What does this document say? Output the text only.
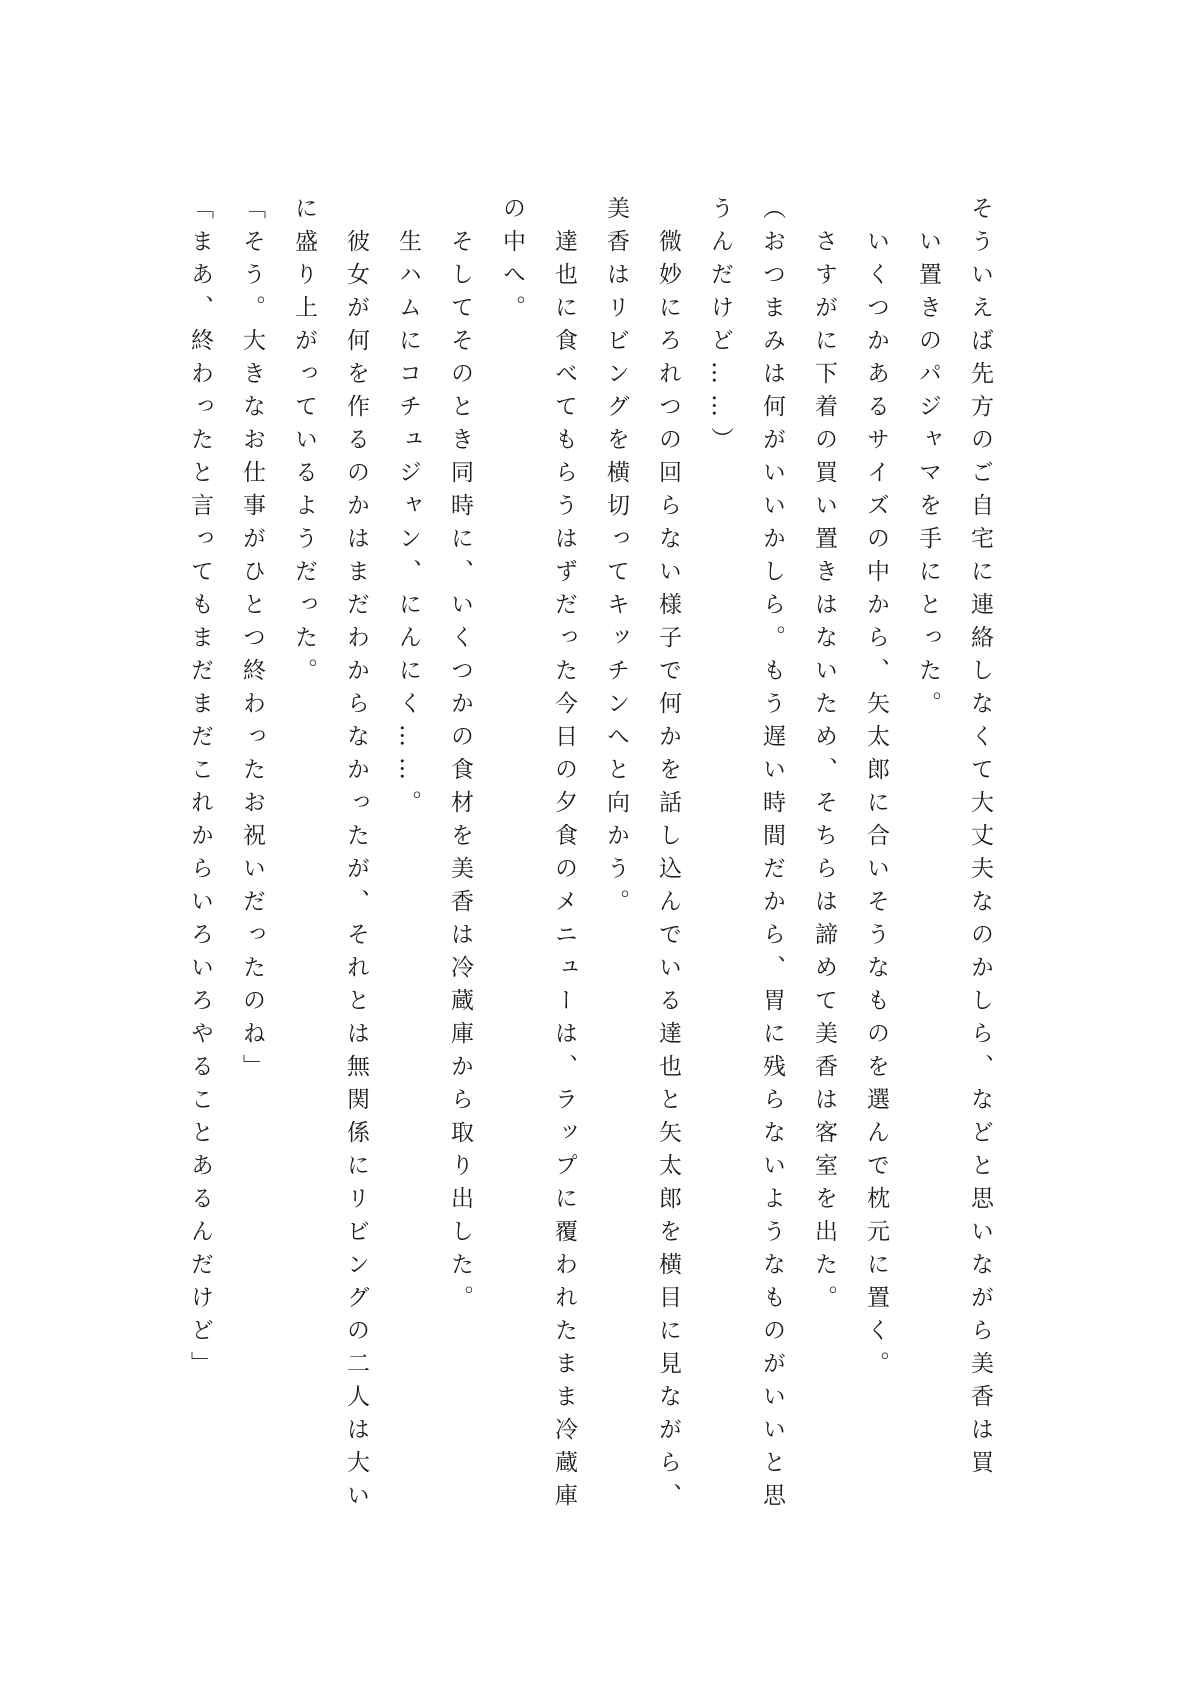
そういえば先方のご自宅に連絡しなくて大丈夫なのかしら、などと思いながら美香は買

い置きのパジャマを手にとった。

いくつかあるサイズの中から、矢太郎に合いそうなものを選んで枕元に置く。

さすがに下着の買い置きはないため、そちらは諦めて美香は客室を出た。

（おつまみは何がいいかしら。もう遅い時間だから、胃に残らないようなものがいいと思

うんだけど……）

微妙にろれつの回らない様子で何かを話し込んでいる達也と矢太郎を横目に見ながら、

美香はリビングを横切ってキッチンへと向かう。

達也に食べてもらうはずだった今日の夕食のメニューは、ラップに覆われたまま冷蔵庫

の中へ。

そしてそのとき同時に、いくつかの食材を美香は冷蔵庫から取り出した。

生ハムにコチュジャン、にんにく……。

彼女が何を作るのかはまだわからなかったが、それとは無関係にリビングの二人は大い

に盛り上がっているようだった。

「そう。大きなお仕事がひとつ終わったお祝いだったのね」

「まあ、終わったと言ってもまだまだこれからいろいろやることあるんだけど」
